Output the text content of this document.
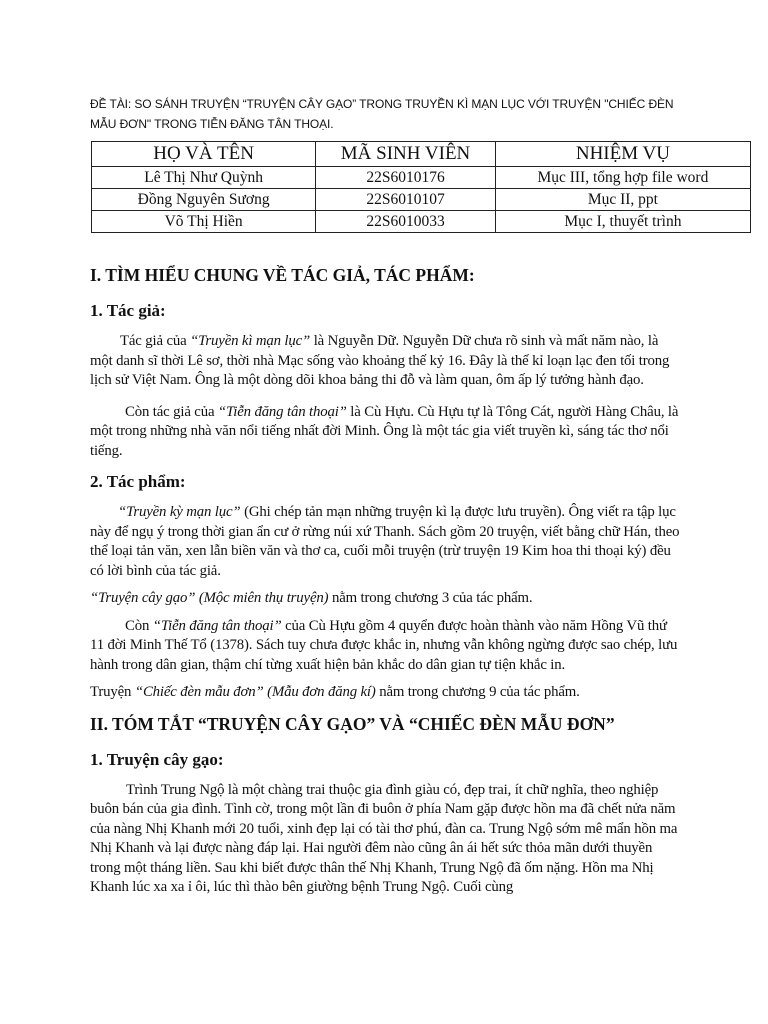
ĐỀ TÀI: SO SÁNH TRUYỆN “TRUYỆN CÂY GẠO” TRONG TRUYỀN KÌ MẠN LỤC VỚI TRUYỆN "CHIẾC ĐÈN
MẪU ĐƠN" TRONG TIỄN ĐĂNG TÂN THOẠI.
HỌ VÀ TÊN	MÃ SINH VIÊN	NHIỆM VỤ
Lê Thị Như Quỳnh	22S6010176	Mục III, tổng hợp file word
Đồng Nguyên Sương	22S6010107	Mục II, ppt
Võ Thị Hiền	22S6010033	Mục I, thuyết trình
I. TÌM HIỂU CHUNG VỀ TÁC GIẢ, TÁC PHẨM:
1. Tác giả:

Tác giả của “Truyền kì mạn lục” là Nguyễn Dữ. Nguyễn Dữ chưa rõ sinh và mất năm nào, là một danh sĩ thời Lê sơ, thời nhà Mạc sống vào khoảng thế kỷ 16. Đây là thế kỉ loạn lạc đen tối trong lịch sử Việt Nam. Ông là một dòng dõi khoa bảng thi đỗ và làm quan, ôm ấp lý tưởng hành đạo.

Còn tác giả của “Tiễn đăng tân thoại” là Cù Hựu. Cù Hựu tự là Tông Cát, người Hàng Châu, là một trong những nhà văn nổi tiếng nhất đời Minh. Ông là một tác gia viết truyền kì, sáng tác thơ nổi tiếng.

2. Tác phẩm:

“Truyền kỳ mạn lục” (Ghi chép tản mạn những truyện kì lạ được lưu truyền). Ông viết ra tập lục này để ngụ ý trong thời gian ẩn cư ở rừng núi xứ Thanh. Sách gồm 20 truyện, viết bằng chữ Hán, theo thể loại tản văn, xen lẫn biền văn và thơ ca, cuối mỗi truyện (trừ truyện 19 Kim hoa thi thoại ký) đều có lời bình của tác giả.

“Truyện cây gạo” (Mộc miên thụ truyện) nằm trong chương 3 của tác phẩm.

Còn “Tiễn đăng tân thoại” của Cù Hựu gồm 4 quyển được hoàn thành vào năm Hồng Vũ thứ 11 đời Minh Thế Tổ (1378). Sách tuy chưa được khắc in, nhưng vẫn không ngừng được sao chép, lưu hành trong dân gian, thậm chí từng xuất hiện bản khắc do dân gian tự tiện khắc in.

Truyện “Chiếc đèn mẫu đơn” (Mẫu đơn đăng kí) nằm trong chương 9 của tác phẩm.

II. TÓM TẮT “TRUYỆN CÂY GẠO” VÀ “CHIẾC ĐÈN MẪU ĐƠN”
1. Truyện cây gạo:

Trình Trung Ngộ là một chàng trai thuộc gia đình giàu có, đẹp trai, ít chữ nghĩa, theo nghiệp buôn bán của gia đình. Tình cờ, trong một lần đi buôn ở phía Nam gặp được hồn ma đã chết nửa năm của nàng Nhị Khanh mới 20 tuổi, xinh đẹp lại có tài thơ phú, đàn ca. Trung Ngộ sớm mê mẩn hồn ma Nhị Khanh và lại được nàng đáp lại. Hai người đêm nào cũng ân ái hết sức thỏa mãn dưới thuyền trong một tháng liền. Sau khi biết được thân thế Nhị Khanh, Trung Ngộ đã ốm nặng. Hồn ma Nhị Khanh lúc xa xa ỉ ôi, lúc thì thào bên giường bệnh Trung Ngộ. Cuối cùng
